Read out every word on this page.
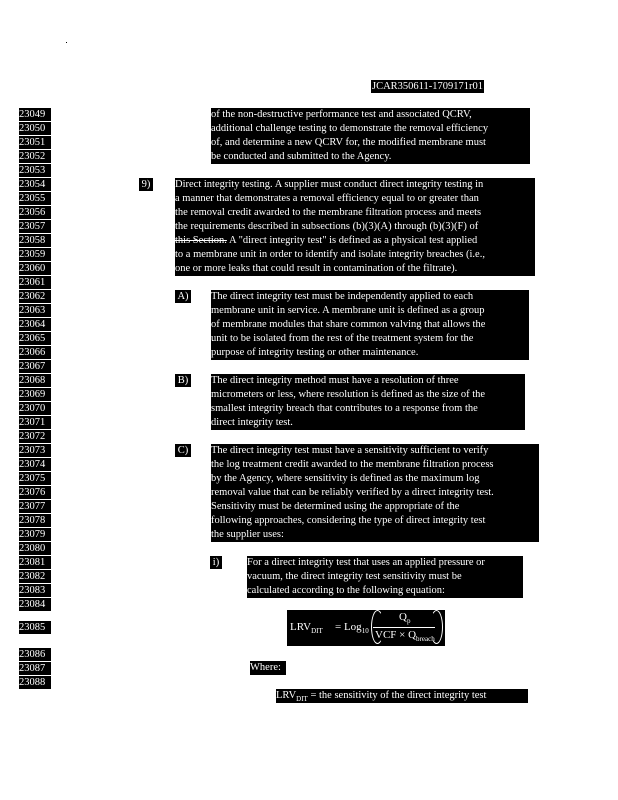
JCAR350611-1709171r01
23049
23050
23051
23052
23053
23054
23055
23056
23057
23058
23059
23060
23061
23062
23063
23064
23065
23066
23067
23068
23069
23070
23071
23072
23073
23074
23075
23076
23077
23078
23079
23080
23081
23082
23083
23084
23085
23086
23087
23088
of the non-destructive performance test and associated QCRV,
additional challenge testing to demonstrate the removal efficiency
of, and determine a new QCRV for, the modified membrane must
be conducted and submitted to the Agency.
9) Direct integrity testing. A supplier must conduct direct integrity testing in
a manner that demonstrates a removal efficiency equal to or greater than
the removal credit awarded to the membrane filtration process and meets
the requirements described in subsections (b)(3)(A) through (b)(3)(F) of
this Section. A "direct integrity test" is defined as a physical test applied
to a membrane unit in order to identify and isolate integrity breaches (i.e.,
one or more leaks that could result in contamination of the filtrate).
A) The direct integrity test must be independently applied to each
membrane unit in service. A membrane unit is defined as a group
of membrane modules that share common valving that allows the
unit to be isolated from the rest of the treatment system for the
purpose of integrity testing or other maintenance.
B) The direct integrity method must have a resolution of three
micrometers or less, where resolution is defined as the size of the
smallest integrity breach that contributes to a response from the
direct integrity test.
C) The direct integrity test must have a sensitivity sufficient to verify
the log treatment credit awarded to the membrane filtration process
by the Agency, where sensitivity is defined as the maximum log
removal value that can be reliably verified by a direct integrity test.
Sensitivity must be determined using the appropriate of the
following approaches, considering the type of direct integrity test
the supplier uses:
i)	For a direct integrity test that uses an applied pressure or
vacuum, the direct integrity test sensitivity must be
calculated according to the following equation:
$LRV_{DIT} = Log_{10}$
$Q_p$
VCF × $Q_{breach}$
Where:
$LRV_{DIT}$ = the sensitivity of the direct integrity test
